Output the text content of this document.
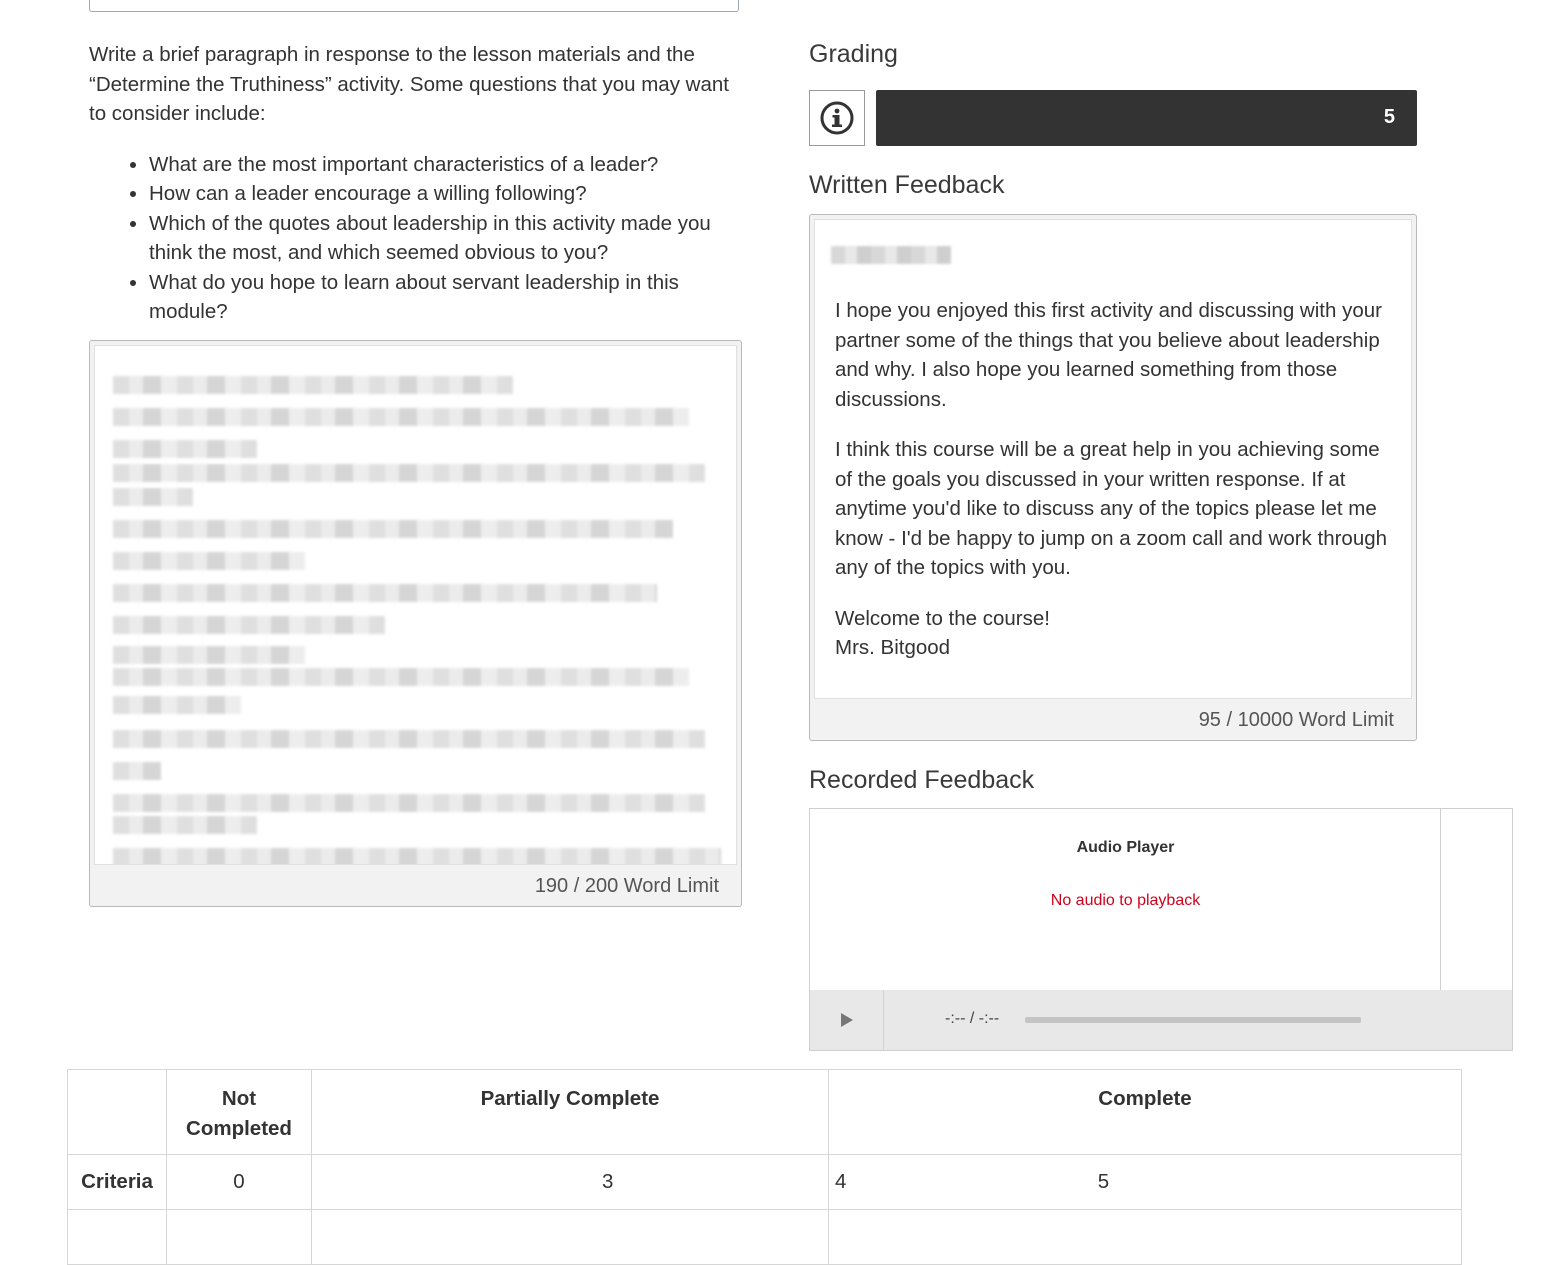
Write a brief paragraph in response to the lesson materials and the “Determine the Truthiness” activity. Some questions that you may want to consider include:

• What are the most important characteristics of a leader?
• How can a leader encourage a willing following?
• Which of the quotes about leadership in this activity made you think the most, and which seemed obvious to you?
• What do you hope to learn about servant leadership in this module?
190 / 200 Word Limit
Grading
5
Written Feedback

I hope you enjoyed this first activity and discussing with your partner some of the things that you believe about leadership and why. I also hope you learned something from those discussions.

I think this course will be a great help in you achieving some of the goals you discussed in your written response. If at anytime you'd like to discuss any of the topics please let me know - I'd be happy to jump on a zoom call and work through any of the topics with you.

Welcome to the course!
Mrs. Bitgood
95 / 10000 Word Limit
Recorded Feedback
Audio Player
No audio to playback
-:-- / -:--
	Not Completed	Partially Complete	Complete
Criteria	0	3	4 5
